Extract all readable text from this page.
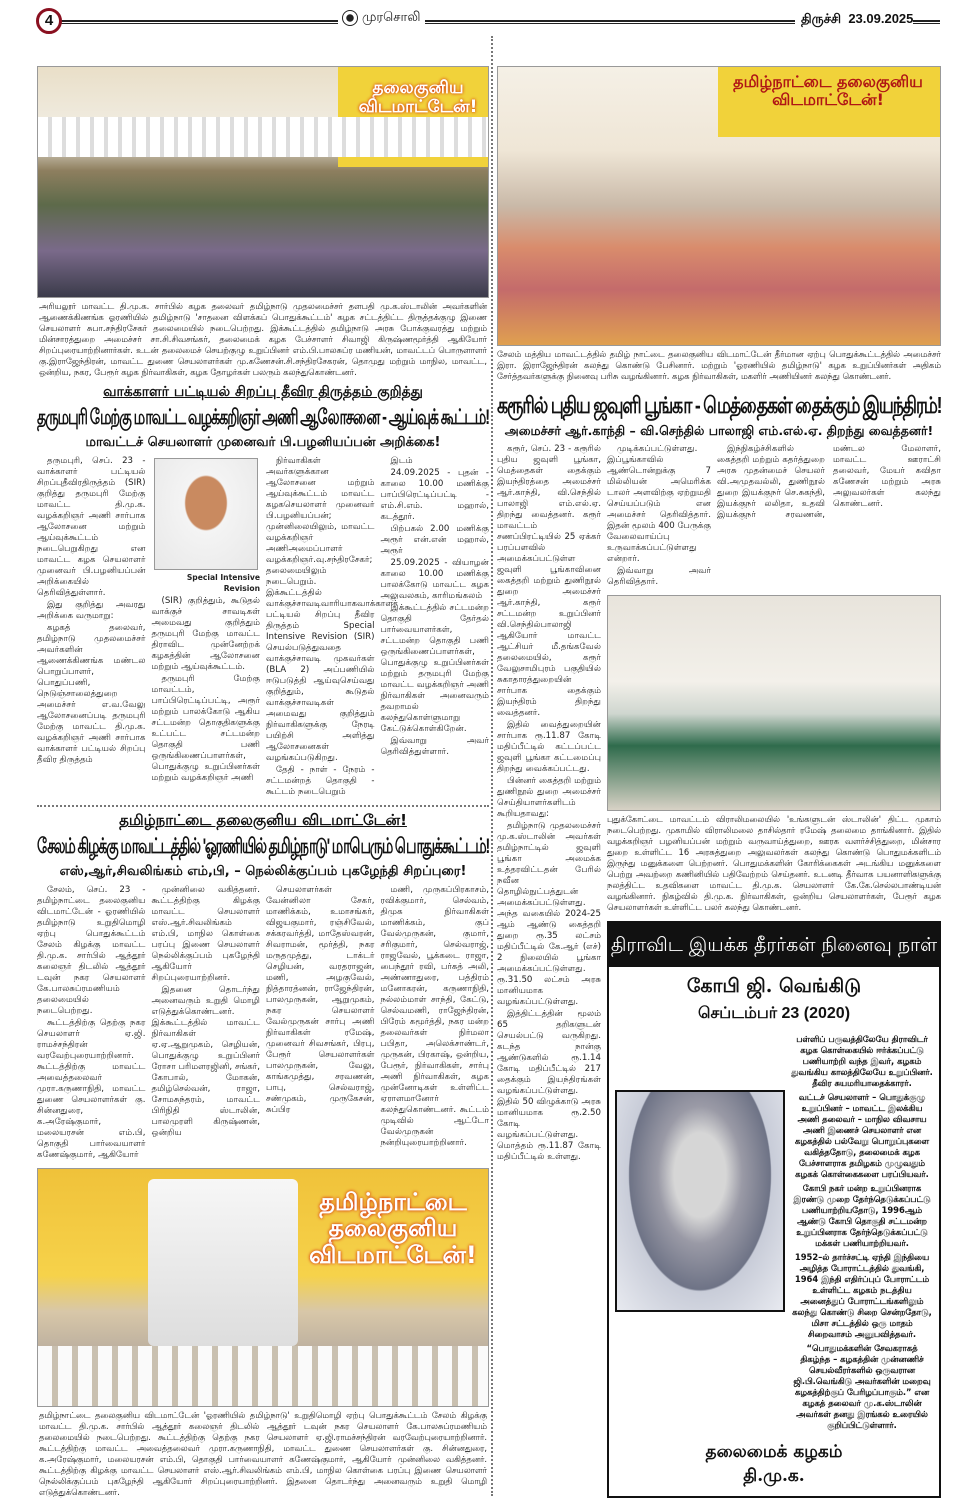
4	முரசொலி	திருச்சி 23.09.2025
தலைகுனிய விடமாட்டேன்!
அரியலூர் மாவட்ட தி.மு.க. சார்பில் கழக தலைவர் தமிழ்நாடு முதலமைச்சர் தளபதி மு.க.ஸ்டாலின் அவர்களின் ஆணைக்கிணங்க ஓரணியில் தமிழ்நாடு 'சாதனை விளக்கப் பொதுக்கூட்டம்' கழக சட்டத்திட்ட திருத்தக்குழு இணை செயலாளர் சுபா.சந்திரசேகர் தலைமையில் நடைபெற்றது. இக்கூட்டத்தில் தமிழ்நாடு அரசு போக்குவரத்து மற்றும் மின்சாரத்துறை அமைச்சர் சா.சி.சிவசங்கர், தலைமைக் கழக பேச்சாளர் சிவாஜி கிருஷ்ணமூர்த்தி ஆகியோர் சிறப்புரையாற்றினார்கள். உடன் தலைமைச் செயற்குழு உறுப்பினர் எம்.பி.பாலசுப்ர மணியன், மாவட்டப் பொருளாளர் கு.இராஜேந்திரன், மாவட்ட துணை செயலாளர்கள் மு.கணேசன்.சி.சந்திரசேகரன், தொமுது மற்றும் மாநில, மாவட்ட, ஒன்றிய, நகர, பேரூர் கழக நிர்வாகிகள், கழக தோழர்கள் பலரும் கலந்துகொண்டனர்.
வாக்காளர் பட்டியல் சிறப்பு தீவிர திருத்தம் குறித்து
தருமபுரி மேற்கு மாவட்ட வழக்கறிஞர் அணி ஆலோசனை - ஆய்வுக் கூட்டம்!
மாவட்டச் செயலாளர் முனைவர் பி.பழனியப்பன் அறிக்கை!

தருமபுரி, செப். 23 - வாக்காளர் பட்டியல் சிறப்புதீவிரதிருத்தம் (SIR) குறித்து தருமபுரி மேற்கு மாவட்ட தி.மு.க. வழக்கறிஞர் அணி சார்பாக ஆலோசனை மற்றும் ஆய்வுக்கூட்டம் நடைபெறுகிறது என மாவட்ட கழக செயலாளர் முனைவர் பி.பழனியப்பன் அறிக்கையில் தெரிவித்துள்ளார்.

இது குறித்து அவரது அறிக்கை வருமாறு:

கழகத் தலைவர், தமிழ்நாடு முதலமைச்சர் அவர்களின் ஆணைக்கிணங்க மண்டல பொறுப்பாளர், பொதுப்பணி, நெடுஞ்சாலைத்துறை அமைச்சர் எ.வ.வேலு ஆலோசனைப்படி தருமபுரி மேற்கு மாவட்ட தி.மு.க. வழக்கறிஞர் அணி சார்பாக வாக்காளர் பட்டியல் சிறப்பு தீவிர திருத்தம்

Special Intensive Revision

(SIR) குறித்தும், கூடுதல் வாக்குச் சாவடிகள் அமைவது குறித்தும் தருமபுரி மேற்கு மாவட்ட திராவிட முன்னேற்றக் கழகத்தின் ஆலோசனை மற்றும் ஆய்வுக்கூட்டம்.

தருமபுரி மேற்கு மாவட்டம், பாப்பிரெட்டிப்பட்டி, அரூர் மற்றும் பாலக்கோடு ஆகிய சட்டமன்ற தொகுதிகளுக்கு உட்பட்ட சட்டமன்ற தொகுதி பணி ஒருங்கிணைப்பாளர்கள், பொதுக்குழு உறுப்பினர்கள் மற்றும் வழக்கறிஞர் அணி

நிர்வாகிகள் அவர்களுக்கான ஆலோசனை மற்றும் ஆய்வுக்கூட்டம் மாவட்ட கழகசெயலாளர் முனைவர் பி.பழனியப்பன்; முன்னிலையிலும், மாவட்ட வழக்கறிஞர் அணிஅமைப்பாளர் வழக்கறிஞர்.வு.சந்திரசேகர்; தலைமையிலும் நடைபெறும். இக்கூட்டத்தில் வாக்குச்சாவடிவாரியாகவாக்காளர் பட்டியல் சிறப்பு தீவிர திருத்தம் Special Intensive Revision (SIR) செயல்படுத்துவதை வாக்குச்சாவடி முகவர்கள் (BLA 2) அப்பணியில் ஈடுபடுத்தி ஆய்வுசெய்வது குறித்தும், கூடுதல் வாக்குச்சாவடிகள் அமைவது குறித்தும் நிர்வாகிகளுக்கு நேரடி பயிற்சி அளித்து ஆலோசனைகள் வழங்கப்படுகிறது.

தேதி - நாள் - நேரம் - சட்டமன்றத் தொகுதி - கூட்டம் நடைபெறும்

இடம்

24.09.2025 - புதன் - காலை 10.00 மணிக்கு பாப்பிரெட்டிப்பட்டி - எம்.சி.எம். மஹால், கடத்தூர்.

பிற்பகல் 2.00 மணிக்கு அரூர் என்.என் மஹால், அரூர்

25.09.2025 - வியாழன் காலை 10.00 மணிக்கு பாலக்கோடு மாவட்ட கழக அலுவலகம், காரிமங்கலம்

இக்கூட்டத்தில் சட்டமன்ற தொகுதி தேர்தல் பார்வையாளர்கள், சட்டமன்ற தொகுதி பணி ஒருங்கிணைப்பாளர்கள், பொதுக்குழு உறுப்பினர்கள் மற்றும் தருமபுரி மேற்கு மாவட்ட வழக்கறிஞர் அணி நிர்வாகிகள் அனைவரும் தவறாமல் கலந்துகொள்ளுமாறு கேட்டுக்கொள்கிறேன்.

இவ்வாறு அவர் தெரிவித்துள்ளார்.

தமிழ்நாட்டை தலைகுனிய விடமாட்டேன்!
சேலம் கிழக்கு மாவட்டத்தில் 'ஓரணியில் தமிழ்நாடு' மாபெரும் பொதுக்கூட்டம்!
எஸ்,ஆர்,சிவலிங்கம் எம்,பி, – நெல்லிக்குப்பம் புகழேந்தி சிறப்புரை!

சேலம், செப். 23 - தமிழ்நாட்டை தலைகுனிய விடமாட்டேன் - ஓரணியில் தமிழ்நாடு உறுதிமொழி ஏற்பு பொதுக்கூட்டம் சேலம் கிழக்கு மாவட்ட தி.மு.க. சார்பில் ஆத்தூர் கலைஞர் திடலில் ஆத்தூர் டவுன் நகர செயலாளர் கே.பாலசுப்ரமணியம் தலைமையில் நடைபெற்றது.

கூட்டத்திற்கு தெற்கு நகர செயலாளர் ஏ.ஜி. ராமச்சந்திரன் வரவேற்புரையாற்றினார். கூட்டத்திற்கு மாவட்ட அவைத்தலைவர் முரா.கருணாநிதி, மாவட்ட துணை செயலாளர்கள் கு. சின்னதுரை, க.அரேஷ்குமார், மலையரசன் எம்.பி, தொகுதி பார்வையாளர் கணேஷ்குமார், ஆகியோர்

முன்னிலை வகித்தனர். கூட்டத்திற்கு கிழக்கு மாவட்ட செயலாளர் எஸ்.ஆர்.சிவலிங்கம் எம்.பி, மாநில கொள்கை பரப்பு இணை செயலாளர் நெல்லிக்குப்பம் புகழேந்தி ஆகியோர் சிறப்புரையாற்றினர்.

இதனை தொடர்ந்து அனைவரும் உறுதி மொழி எடுத்துக்கொண்டனர். இக்கூட்டத்தில் மாவட்ட நிர்வாகிகள் ஏ.ஏ.ஆறுமுகம், செழியன், பொதுக்குழு உறுப்பினர் ரோசா பரிமளரஜினி, சங்கர், கோபால், மோகன், தமிழ்செல்வன், ராஜா, சோமசுந்தரம், மாவட்ட பிரிநிதி ஸ்டாலின், பாலமுரளி கிருஷ்ணன், ஒன்றிய

செயலாளர்கள் வேன்னிலா சேகர், மாணிக்கம், உமாசங்கர், விஜயகுமார், ரஞ்சிவேல், சக்கரவர்த்தி, மாதேஸ்வரன், சிவராமன், மூர்த்தி, நகர மருதமுத்து, டாக்டர் செழியன், வரதராஜன், மணி, அழகுவேல், நித்தாரத்னன், ராஜேந்திரன், பாலமுருகன், ஆறுமுகம், நகர செயலாளர் வேல்முருகன் சார்பு அணி நிர்வாகிகள் ரமேஷ், முனைவர் சிவசங்கர், பிரபு, பேரூர் செயலாளர்கள் பாலமுருகன், வேலு, காங்கமுத்து, சரவணன், பாபு, செல்வராஜ், சண்முகம், முருகேசன், சுப்பிர

மணி, முருகப்பிரகாசம், ரவிக்குமார், செல்வம், திமுக நிர்வாகிகள் மாணிக்கம், குப் வேல்முருகன், குமார், சரிகுமார், செல்வராஜ், ராஜவேல், பூக்கடை ராஜா, பைந்தூர் ரவி, பர்கத் அலி, அண்ணாதுரை, பத்திரம் மனோகரன், கருணாநிதி, நல்லம்மாள் சாந்தி, கேட்டு, செல்வமணி, ராஜேந்திரன், பிரேம் கமூர்த்தி, நகர மன்ற தலைவர்கள் நிர்மலா பபிதா, அலெக்சாண்டர், முருகன், பிரகாஷ், ஒன்றிய, பேரூர், நிர்வாகிகள், சார்பு அணி நிர்வாகிகள், கழக முன்னோடிகள் உள்ளிட்ட ஏராளமானோர் கலந்துகொண்டனர். கூட்டம் முடிவில் ஆட்டோ வேல்முருகன் நன்றியுரையாற்றினார்.

தமிழ்நாட்டை தலைகுனிய விடமாட்டேன்!
தமிழ்நாட்டை தலைகுனிய விடமாட்டேன் 'ஓரணியில் தமிழ்நாடு' உறுதிமொழி ஏற்பு பொதுக்கூட்டம் சேலம் கிழக்கு மாவட்ட தி.மு.க. சார்பில் ஆத்தூர் கலைஞர் திடலில் ஆத்தூர் டவுன் நகர செயலாளர் கே.பாலசுப்ரமணியம் தலைமையில் நடைபெற்றது. கூட்டத்திற்கு தெற்கு நகர செயலாளர் ஏ.ஜி.ராமச்சந்திரன் வரவேற்புரையாற்றினார். கூட்டத்திற்கு மாவட்ட அவைத்தலைவர் முரா.கருணாநிதி, மாவட்ட துணை செயலாளர்கள் கு. சின்னதுரை, க.அரேஷ்குமார், மலையரசன் எம்.பி, தொகுதி பார்வையாளர் கணேஷ்குமார், ஆகியோர் முன்னிலை வகித்தனர். கூட்டத்திற்கு கிழக்கு மாவட்ட செயலாளர் எஸ்.ஆர்.சிவலிங்கம் எம்.பி, மாநில கொள்கை பரப்பு இணை செயலாளர் நெல்லிக்குப்பம் புகழேந்தி ஆகியோர் சிறப்புரையாற்றினர். இதனை தொடர்ந்து அனைவரும் உறுதி மொழி எடுத்துக்கொண்டனர்.
தமிழ்நாட்டை தலைகுனிய விடமாட்டேன்!
சேலம் மத்திய மாவட்டத்தில் தமிழ் நாட்டை தலைகுனிய விடமாட்டேன் தீர்மான ஏற்பு பொதுக்கூட்டத்தில் அமைச்சர் இரா. இராஜேந்திரன் கலந்து கொண்டு பேசினார். மற்றும் 'ஓரணியில் தமிழ்நாடு' கழக உறுப்பினர்கள் அதிகம் சேர்த்தவர்களுக்கு நினைவு பரிசு வழங்கினார். கழக நிர்வாகிகள், மகளிர் அணியினர் கலந்து கொண்டனர்.
கரூரில் புதிய ஜவுளி பூங்கா - மெத்தைகள் தைக்கும் இயந்திரம்!
அமைச்சர் ஆர்.காந்தி – வி.செந்தில் பாலாஜி எம்.எல்.ஏ. திறந்து வைத்தனர்!

கரூர், செப். 23 - கரூரில் புதிய ஜவுளி பூங்கா, மெத்தைகள் தைக்கும் இயந்திரத்தை அமைச்சர் ஆர்.காந்தி, வி.செந்தில் பாலாஜி எம்.எல்.ஏ. திறந்து வைத்தனர். கரூர் மாவட்டம் சணப்பிரட்டியில் 25 ஏக்கர் பரப்பளவில் அமைக்கப்பட்டுள்ள ஜவுளி பூங்காவினை கைத்தறி மற்றும் துணிநூல் துறை அமைச்சர் ஆர்.காந்தி, கரூர் சட்டமன்ற உறுப்பினர் வி.செந்தில்பாலாஜி ஆகியோர் மாவட்ட ஆட்சியர் மீ.தங்கவேல் தலைமையில், கரூர் வேலுசாமிபுரம் பகுதியில் சுகாதாரத்துறையின் சார்பாக தைக்கும் இயந்திரம் திறந்து வைத்தனர்.

இதில் வைத்துறையின் சார்பாக ரூ.11.87 கோடி மதிப்பீட்டில் கட்டப்பட்ட ஜவுளி பூங்கா கட்டமைப்பு திறந்து வைக்கப்பட்டது.

பின்னர் கைத்தறி மற்றும் துணிநூல் துறை அமைச்சர் செய்தியாளர்களிடம் கூறியதாவது:

தமிழ்நாடு முதலமைச்சர் மு.க.ஸ்டாலின் அவர்கள் தமிழ்நாட்டில் ஜவுளி பூங்கா அமைக்க உத்தரவிட்டதன் பேரில் நவீன தொழில்நுட்பத்துடன் அமைக்கப்பட்டுள்ளது. அந்த வகையில் 2024-25 ஆம் ஆண்டு கைத்தறி துறை ரூ.35 லட்சம் மதிப்பீட்டில் கே.ஆர் (எச்) 2 நிலையில் பூங்கா அமைக்கப்பட்டுள்ளது. ரூ.31.50 லட்சம் அரசு மானியமாக வழங்கப்பட்டுள்ளது.

இத்திட்டத்தின் மூலம் 65 தறிகளுடன் செயல்பட்டு வருகிறது. கடந்த நான்கு ஆண்டுகளில் ரூ.1.14 கோடி மதிப்பீட்டில் 217 தைக்கும் இயந்திரங்கள் வழங்கப்பட்டுள்ளது. இதில் 50 விழுக்காடு அரசு மானியமாக ரூ.2.50 கோடி வழங்கப்பட்டுள்ளது. மொத்தம் ரூ.11.87 கோடி மதிப்பீட்டில் உள்ளது.

முடிக்கப்பட்டுள்ளது. இப்பூங்காவில் ஆண்டொன்றுக்கு 7 மில்லியன் அமெரிக்க டாலர் அளவிற்கு ஏற்றுமதி செய்யப்படும் என அமைச்சர் தெரிவித்தார். இதன் மூலம் 400 பேருக்கு வேலைவாய்ப்பு உருவாக்கப்பட்டுள்ளது என்றார்.

இவ்வாறு அவர் தெரிவித்தார்.

இந்நிகழ்ச்சிகளில் கைத்தறி மற்றும் கதர்த்துறை அரசு முதன்மைச் செயலர் வி.அமுதவல்லி, துணிநூல் துறை இயக்குநர் செ.சுகந்தி, இயக்குநர் லலிதா, உதவி இயக்குநர் சரவணன், மண்டல மேலாளர், மாவட்ட ஊராட்சி தலைவர், மேயர் கவிதா கணேசன் மற்றும் அரசு அலுவலர்கள் கலந்து கொண்டனர்.

புதுக்கோட்டை மாவட்டம் விராலிமலையில் 'உங்களுடன் ஸ்டாலின்' திட்ட முகாம் நடைபெற்றது. முகாமில் விராலிமலை தாசில்தார் ரமேஷ் தலைமை தாங்கினார். இதில் வழக்கறிஞர் பழனியப்பன் மற்றும் வருவாய்த்துறை, ஊரக வளர்ச்சித்துறை, மின்சார துறை உள்ளிட்ட 16 அரசுத்துறை அலுவலர்கள் கலந்து கொண்டு பொதுமக்களிடம் இருந்து மனுக்களை பெற்றனர். பொதுமக்களின் கோரிக்கைகள் அடங்கிய மனுக்களை பெற்று அவற்றை கணினியில் பதிவேற்றம் செய்தனர். உடனடி தீர்வாக பயனாளிகளுக்கு நலத்திட்ட உதவிகளை மாவட்ட தி.மு.க. செயலாளர் கே.கே.செல்லபாண்டியன் வழங்கினார். நிகழ்வில் தி.மு.க. நிர்வாகிகள், ஒன்றிய செயலாளர்கள், பேரூர் கழக செயலாளர்கள் உள்ளிட்ட பலர் கலந்து கொண்டனர்.
திராவிட இயக்க தீரர்கள் நினைவு நாள்
கோபி ஜி. வெங்கிடு
செப்டம்பர் 23 (2020)

பள்ளிப் பருவத்திலேயே திராவிடர் கழக கொள்கையில் ஈர்க்கப்பட்டு பணியாற்றி வந்த இவர், கழகம் துவங்கிய காலத்திலேயே உறுப்பினர். தீவிர சுயமரியாதைக்காரர்.

வட்டச் செயலாளர் – பொதுக்குழு உறுப்பினர் – மாவட்ட இலக்கிய அணி தலைவர் – மாநில விவசாய அணி இணைச் செயலாளர் என கழகத்தில் பல்வேறு பொறுப்புகளை வகித்ததோடு, தலைமைக் கழக பேச்சாளராக தமிழகம் முழுவதும் கழகக் கொள்கைகளை பரப்பியவர்.

கோபி நகர் மன்ற உறுப்பினராக இரண்டு முறை தேர்ந்தெடுக்கப்பட்டு பணியாற்றியதோடு, 1996ஆம் ஆண்டு கோபி தொகுதி சட்டமன்ற உறுப்பினராக தேர்ந்தெடுக்கப்பட்டு மக்கள் பணியாற்றியவர்.

1952–ல் தார்ச்சட்டி ஏந்தி இந்தியை அழித்த போராட்டத்தில் துவங்கி, 1964 இந்தி எதிர்ப்புப் போராட்டம் உள்ளிட்ட கழகம் நடத்திய அனைத்துப் போராட்டங்களிலும் கலந்து கொண்டு சிறை சென்றதோடு, மிசா சட்டத்தில் ஒரு மாதம் சிறைவாசம் அனுபவித்தவர்.

“பொதுமக்களின் சேவகராகத் திகழ்ந்த – கழகத்தின் முன்னணிச் செயல்வீரர்களில் ஒருவரான ஜி.பி.வெங்கிடு அவர்களின் மறைவு கழகத்திற்குப் பேரிழப்பாகும்.” என கழகத் தலைவர் மு.க.ஸ்டாலின் அவர்கள் தனது இரங்கல் உரையில் குறிப்பிட்டுள்ளார்.

தலைமைக் கழகம்
தி.மு.க.
